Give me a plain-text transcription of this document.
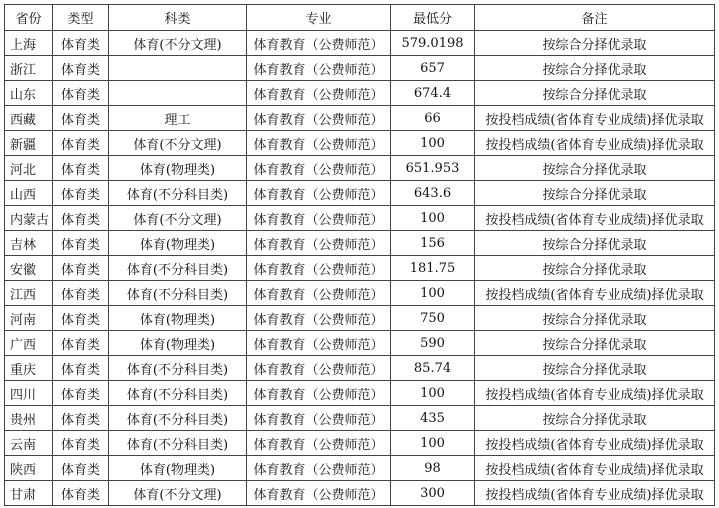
省份	类型	科类	专业	最低分	备注
上海	体育类	体育(不分文理)	体育教育（公费师范）	579.0198	按综合分择优录取
浙江	体育类		体育教育（公费师范）	657	按综合分择优录取
山东	体育类		体育教育（公费师范）	674.4	按综合分择优录取
西藏	体育类	理工	体育教育（公费师范）	66	按投档成绩(省体育专业成绩)择优录取
新疆	体育类	体育(不分文理)	体育教育（公费师范）	100	按投档成绩(省体育专业成绩)择优录取
河北	体育类	体育(物理类)	体育教育（公费师范）	651.953	按综合分择优录取
山西	体育类	体育(不分科目类)	体育教育（公费师范）	643.6	按综合分择优录取
内蒙古	体育类	体育(不分文理)	体育教育（公费师范）	100	按投档成绩(省体育专业成绩)择优录取
吉林	体育类	体育(物理类)	体育教育（公费师范）	156	按综合分择优录取
安徽	体育类	体育(不分科目类)	体育教育（公费师范）	181.75	按综合分择优录取
江西	体育类	体育(不分科目类)	体育教育（公费师范）	100	按投档成绩(省体育专业成绩)择优录取
河南	体育类	体育(物理类)	体育教育（公费师范）	750	按综合分择优录取
广西	体育类	体育(物理类)	体育教育（公费师范）	590	按综合分择优录取
重庆	体育类	体育(不分科目类)	体育教育（公费师范）	85.74	按综合分择优录取
四川	体育类	体育(不分科目类)	体育教育（公费师范）	100	按投档成绩(省体育专业成绩)择优录取
贵州	体育类	体育(不分科目类)	体育教育（公费师范）	435	按综合分择优录取
云南	体育类	体育(不分科目类)	体育教育（公费师范）	100	按投档成绩(省体育专业成绩)择优录取
陕西	体育类	体育(物理类)	体育教育（公费师范）	98	按投档成绩(省体育专业成绩)择优录取
甘肃	体育类	体育(不分文理)	体育教育（公费师范）	300	按投档成绩(省体育专业成绩)择优录取
